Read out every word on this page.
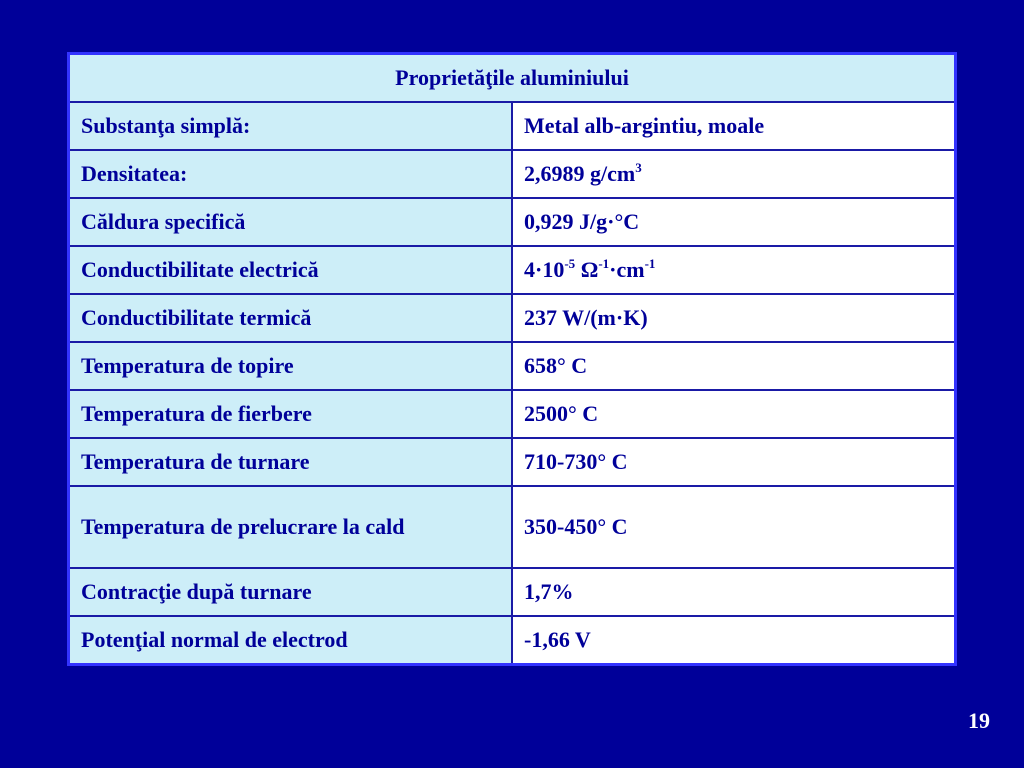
Proprietăţile aluminiului	
Substanţa simplă:	Metal alb-argintiu, moale
Densitatea:	2,6989 $g/cm^3$
Căldura specifică	0,929 J/g·°C
Conductibilitate electrică	$4\cdot 10^{-5}$ $\Omega^{-1}\cdot cm^{-1}$
Conductibilitate termică	237 W/(m·K)
Temperatura de topire	658° C
Temperatura de fierbere	2500° C
Temperatura de turnare	710-730° C
Temperatura de prelucrare la cald	350-450° C
Contracţie după turnare	1,7%
Potenţial normal de electrod	-1,66 V
19
